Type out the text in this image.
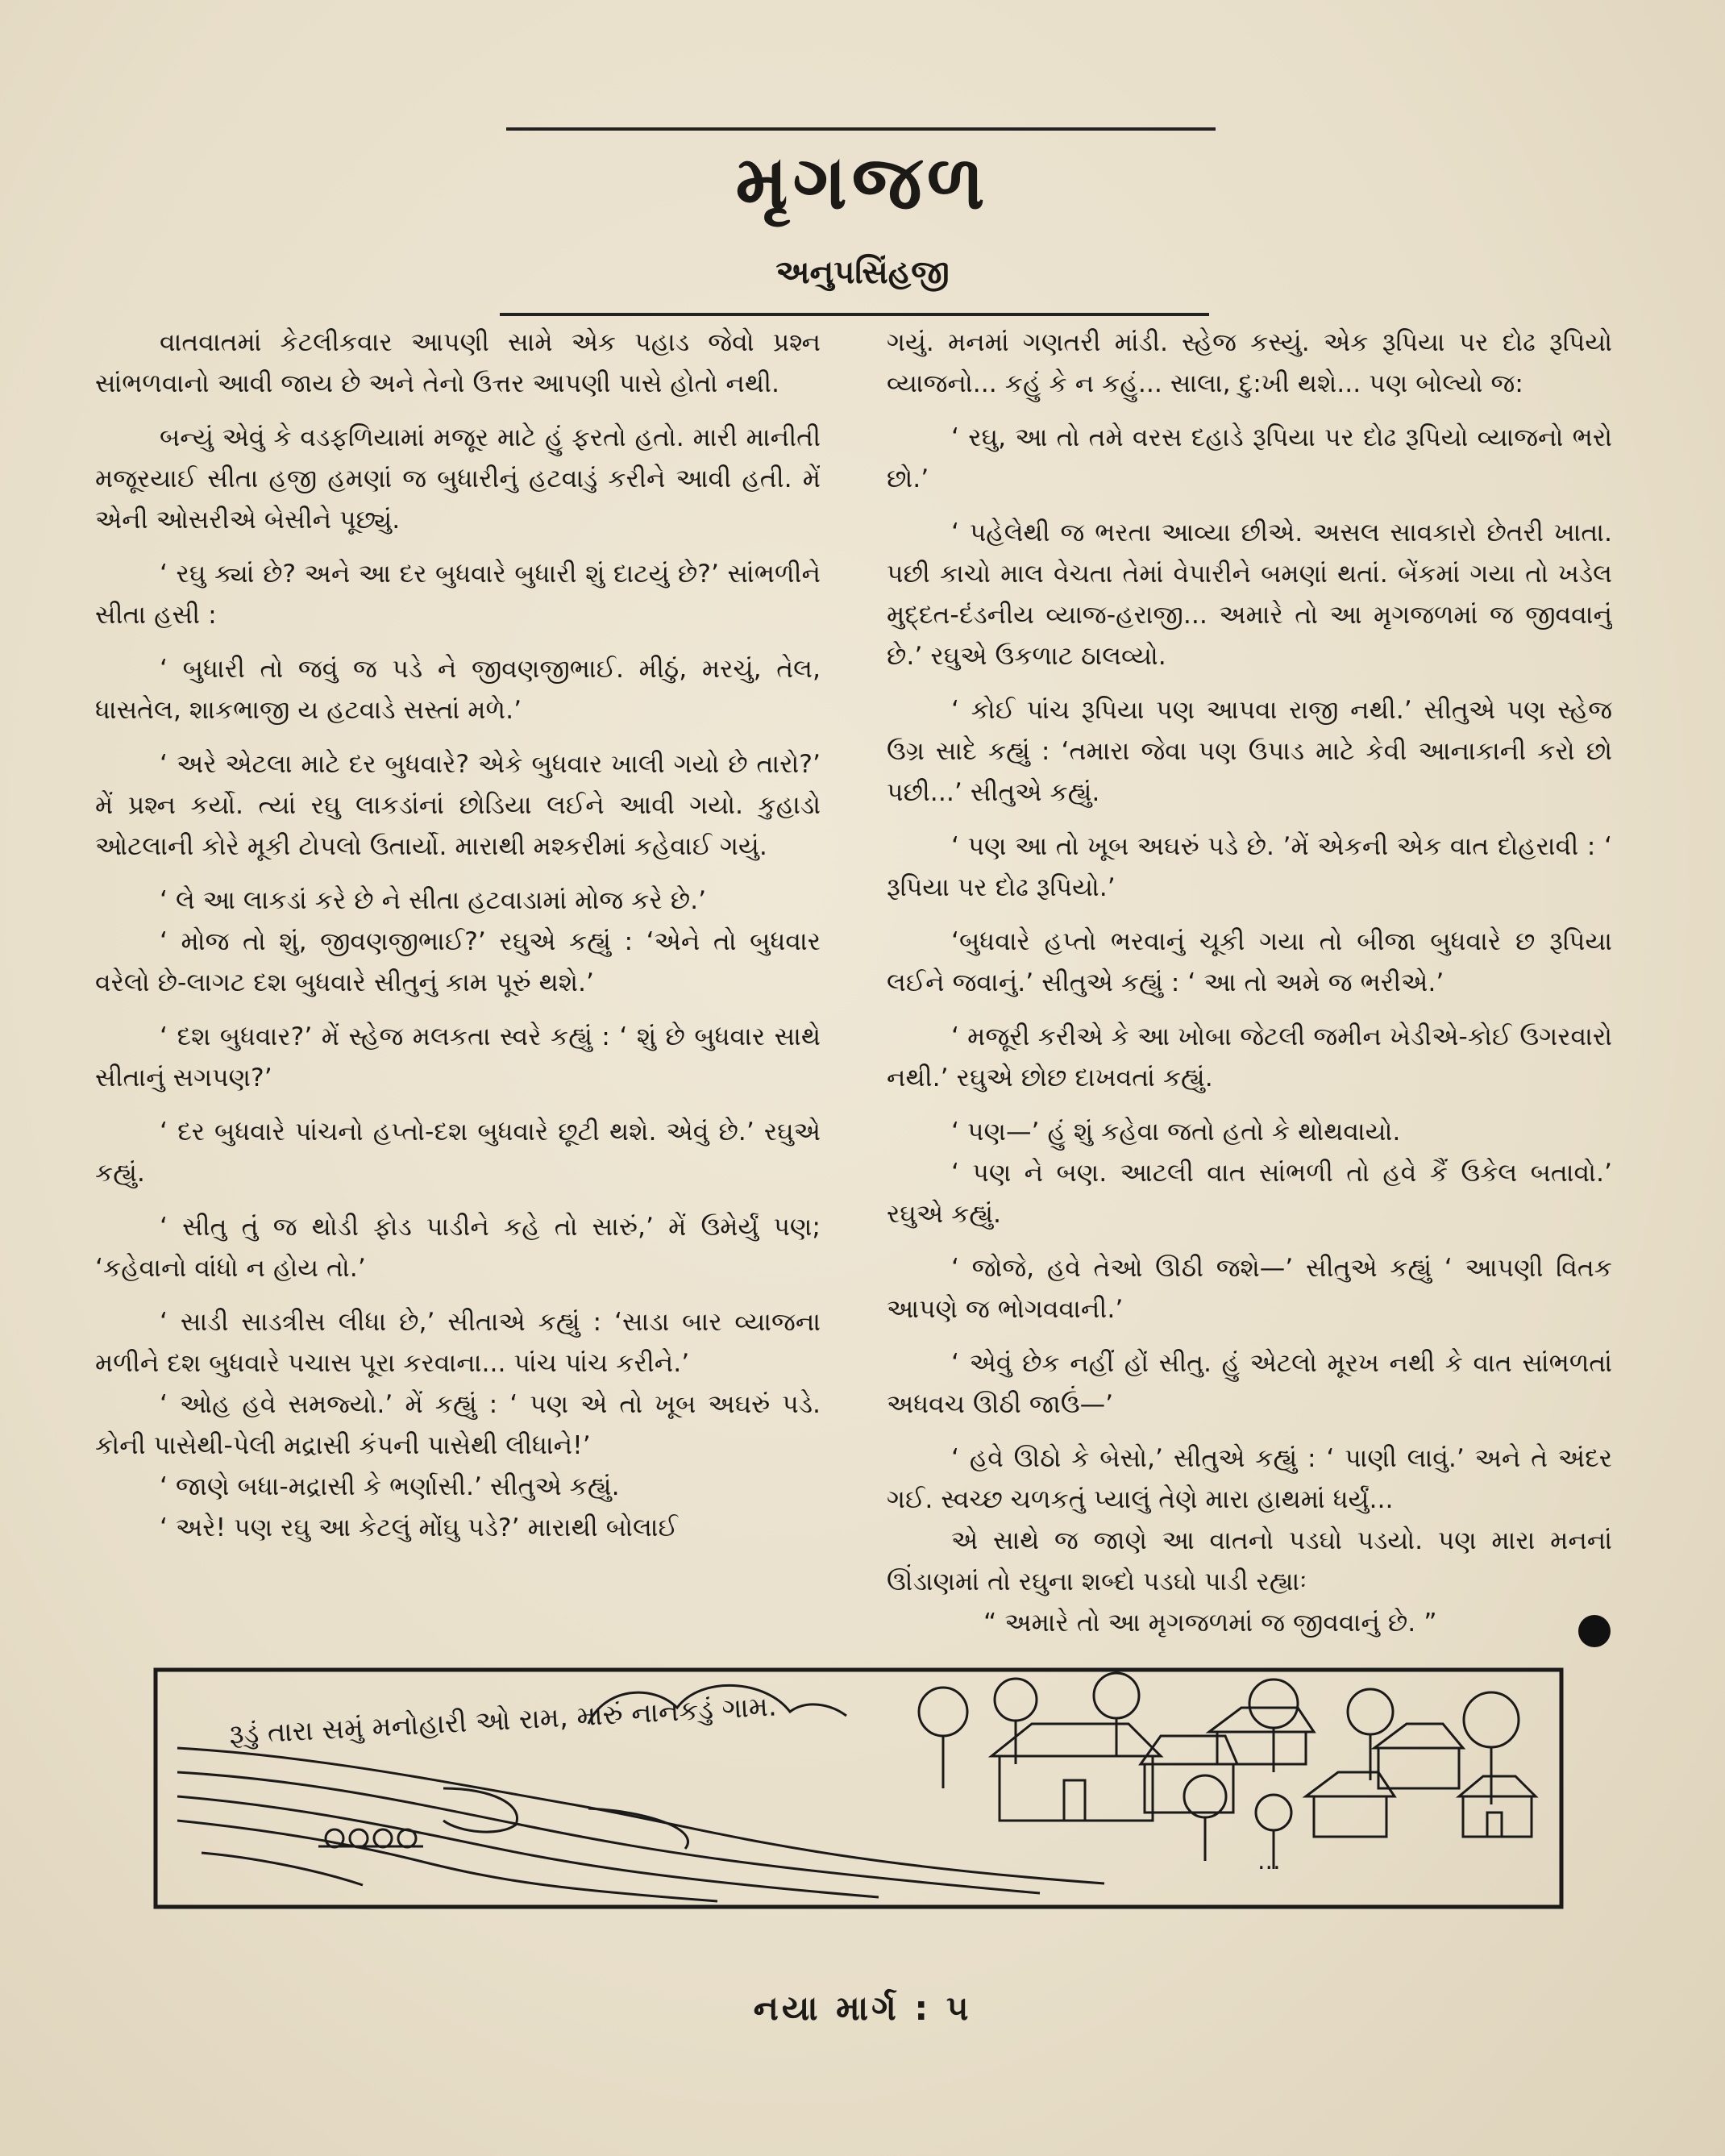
મૃગજળ
અનુપસિંહજી

વાતવાતમાં કેટલીકવાર આપણી સામે એક પહાડ જેવો પ્રશ્ન સાંભળવાનો આવી જાય છે અને તેનો ઉત્તર આપણી પાસે હોતો નથી.

બન્યું એવું કે વડફળિયામાં મજૂર માટે હું ફરતો હતો. મારી માનીતી મજૂરયાઈ સીતા હજી હમણાં જ બુધારીનું હટવાડું કરીને આવી હતી. મેં એની ઓસરીએ બેસીને પૂછ્યું.

‘ રઘુ ક્યાં છે? અને આ દર બુધવારે બુધારી શું દાટયું છે?’ સાંભળીને સીતા હસી :

‘ બુધારી તો જવું જ પડે ને જીવણજીભાઈ. મીઠું, મરચું, તેલ, ધાસતેલ, શાકભાજી ય હટવાડે સસ્તાં મળે.’

‘ અરે એટલા માટે દર બુધવારે? એકે બુધવાર ખાલી ગયો છે તારો?’ મેં પ્રશ્ન કર્યો. ત્યાં રઘુ લાકડાંનાં છોડિયા લઈને આવી ગયો. કુહાડો ઓટલાની કોરે મૂકી ટોપલો ઉતાર્યો. મારાથી મશ્કરીમાં કહેવાઈ ગયું.

‘ લે આ લાકડાં કરે છે ને સીતા હટવાડામાં મોજ કરે છે.’

‘ મોજ તો શું, જીવણજીભાઈ?’ રઘુએ કહ્યું : ‘એને તો બુધવાર વરેલો છે-લાગટ દશ બુધવારે સીતુનું કામ પૂરું થશે.’

‘ દશ બુધવાર?’ મેં સ્હેજ મલકતા સ્વરે કહ્યું : ‘ શું છે બુધવાર સાથે સીતાનું સગપણ?’

‘ દર બુધવારે પાંચનો હપ્તો-દશ બુધવારે છૂટી થશે. એવું છે.’ રઘુએ કહ્યું.

‘ સીતુ તું જ થોડી ફોડ પાડીને કહે તો સારું,’ મેં ઉમેર્યું પણ; ‘કહેવાનો વાંધો ન હોય તો.’

‘ સાડી સાડત્રીસ લીધા છે,’ સીતાએ કહ્યું : ‘સાડા બાર વ્યાજના મળીને દશ બુધવારે પચાસ પૂરા કરવાના... પાંચ પાંચ કરીને.’

‘ ઓહ હવે સમજ્યો.’ મેં કહ્યું : ‘ પણ એ તો ખૂબ અઘરું પડે. કોની પાસેથી-પેલી મદ્રાસી કંપની પાસેથી લીધાને!’

‘ જાણે બધા-મદ્રાસી કે ભર્ણાસી.’ સીતુએ કહ્યું.

‘ અરે! પણ રઘુ આ કેટલું મોંઘુ પડે?’ મારાથી બોલાઈ

ગયું. મનમાં ગણતરી માંડી. સ્હેજ કસ્યું. એક રૂપિયા પર દોઢ રૂપિયો વ્યાજનો... કહું કે ન કહું... સાલા, દુ:ખી થશે... પણ બોલ્યો જ:

‘ રઘુ, આ તો તમે વરસ દહાડે રૂપિયા પર દોઢ રૂપિયો વ્યાજનો ભરો છો.’

‘ પહેલેથી જ ભરતા આવ્યા છીએ. અસલ સાવકારો છેતરી ખાતા. પછી કાચો માલ વેચતા તેમાં વેપારીને બમણાં થતાં. બેંકમાં ગયા તો ખડેલ મુદ્દત-દંડનીય વ્યાજ-હરાજી... અમારે તો આ મૃગજળમાં જ જીવવાનું છે.’ રઘુએ ઉકળાટ ઠાલવ્યો.

‘ કોઈ પાંચ રૂપિયા પણ આપવા રાજી નથી.’ સીતુએ પણ સ્હેજ ઉગ્ર સાદે કહ્યું : ‘તમારા જેવા પણ ઉપાડ માટે કેવી આનાકાની કરો છો પછી...’ સીતુએ કહ્યું.

‘ પણ આ તો ખૂબ અઘરું પડે છે. ’મેં એકની એક વાત દોહરાવી : ‘ રૂપિયા પર દોઢ રૂપિયો.’

‘બુધવારે હપ્તો ભરવાનું ચૂકી ગયા તો બીજા બુધવારે છ રૂપિયા લઈને જવાનું.’ સીતુએ કહ્યું : ‘ આ તો અમે જ ભરીએ.’

‘ મજૂરી કરીએ કે આ ખોબા જેટલી જમીન ખેડીએ-કોઈ ઉગરવારો નથી.’ રઘુએ છોછ દાખવતાં કહ્યું.

‘ પણ—’ હું શું કહેવા જતો હતો કે થોથવાયો.

‘ પણ ને બણ. આટલી વાત સાંભળી તો હવે કૈં ઉકેલ બતાવો.’ રઘુએ કહ્યું.

‘ જોજે, હવે તેઓ ઊઠી જશે—’ સીતુએ કહ્યું ‘ આપણી વિતક આપણે જ ભોગવવાની.’

‘ એવું છેક નહીં હોં સીતુ. હું એટલો મૂરખ નથી કે વાત સાંભળતાં અધવચ ઊઠી જાઉં—’

‘ હવે ઊઠો કે બેસો,’ સીતુએ કહ્યું : ‘ પાણી લાવું.’ અને તે અંદર ગઈ. સ્વચ્છ ચળકતું પ્યાલું તેણે મારા હાથમાં ધર્યું...

એ સાથે જ જાણે આ વાતનો પડઘો પડયો. પણ મારા મનનાં ઊંડાણમાં તો રઘુના શબ્દો પડઘો પાડી રહ્યાઃ

“ અમારે તો આ મૃગજળમાં જ જીવવાનું છે. ”

રૂડું તારા સમું મનોહારી ઓ રામ, મારું નાનકડું ગામ.
...
નયા માર્ગ : ૫
